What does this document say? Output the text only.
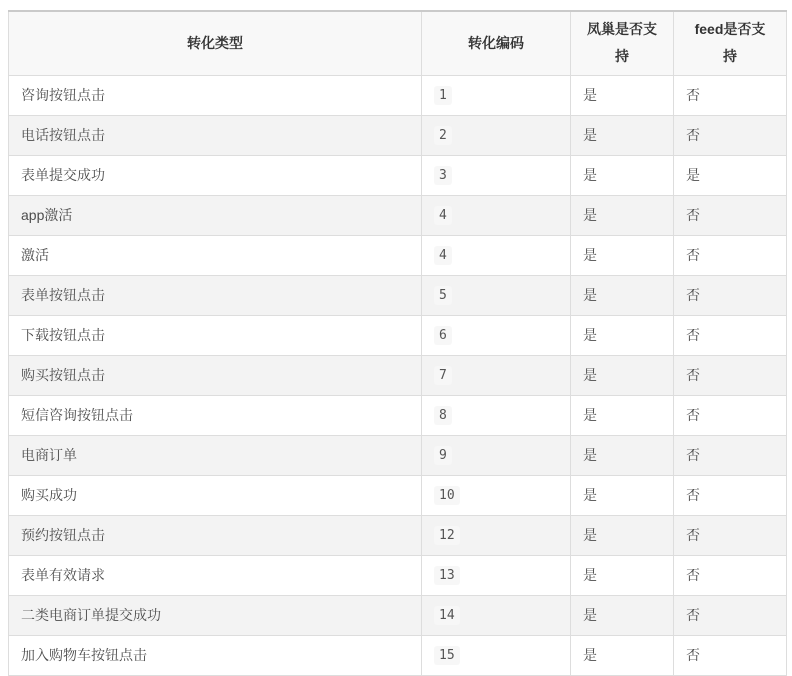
转化类型	转化编码	凤巢是否支持	feed是否支持
咨询按钮点击	1	是	否
电话按钮点击	2	是	否
表单提交成功	3	是	是
app激活	4	是	否
激活	4	是	否
表单按钮点击	5	是	否
下载按钮点击	6	是	否
购买按钮点击	7	是	否
短信咨询按钮点击	8	是	否
电商订单	9	是	否
购买成功	10	是	否
预约按钮点击	12	是	否
表单有效请求	13	是	否
二类电商订单提交成功	14	是	否
加入购物车按钮点击	15	是	否
